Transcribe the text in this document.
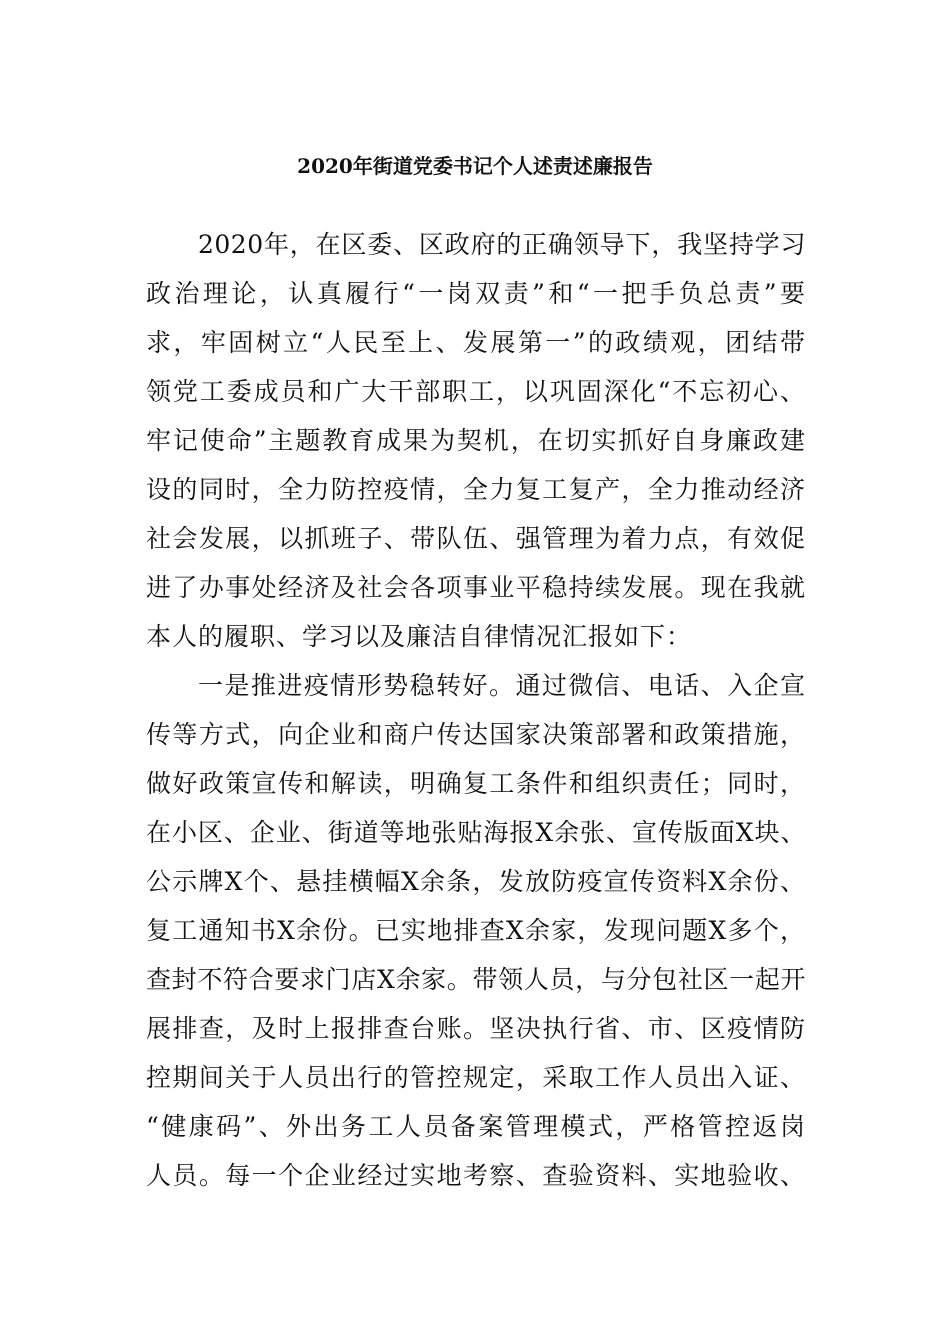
2020年街道党委书记个人述责述廉报告
2020年，在区委、区政府的正确领导下，我坚持学习
政治理论，认真履行“一岗双责”和“一把手负总责”要
求，牢固树立“人民至上、发展第一”的政绩观，团结带
领党工委成员和广大干部职工，以巩固深化“不忘初心、
牢记使命”主题教育成果为契机，在切实抓好自身廉政建
设的同时，全力防控疫情，全力复工复产，全力推动经济
社会发展，以抓班子、带队伍、强管理为着力点，有效促
进了办事处经济及社会各项事业平稳持续发展。现在我就
本人的履职、学习以及廉洁自律情况汇报如下：
一是推进疫情形势稳转好。通过微信、电话、入企宣
传等方式，向企业和商户传达国家决策部署和政策措施，
做好政策宣传和解读，明确复工条件和组织责任；同时，
在小区、企业、街道等地张贴海报X余张、宣传版面X块、
公示牌X个、悬挂横幅X余条，发放防疫宣传资料X余份、
复工通知书X余份。已实地排查X余家，发现问题X多个，
查封不符合要求门店X余家。带领人员，与分包社区一起开
展排查，及时上报排查台账。坚决执行省、市、区疫情防
控期间关于人员出行的管控规定，采取工作人员出入证、
“健康码”、外出务工人员备案管理模式，严格管控返岗
人员。每一个企业经过实地考察、查验资料、实地验收、
